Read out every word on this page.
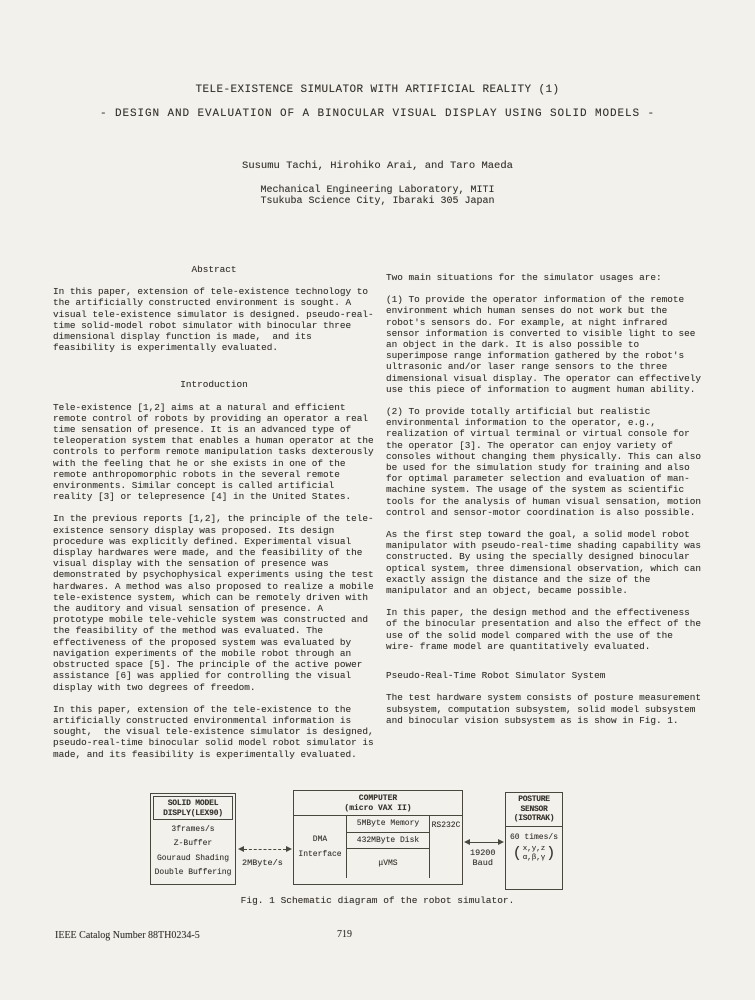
TELE-EXISTENCE SIMULATOR WITH ARTIFICIAL REALITY (1)
- DESIGN AND EVALUATION OF A BINOCULAR VISUAL DISPLAY USING SOLID MODELS -
Susumu Tachi, Hirohiko Arai, and Taro Maeda
Mechanical Engineering Laboratory, MITI
Tsukuba Science City, Ibaraki 305 Japan
Abstract
In this paper, extension of tele-existence technology to the artificially constructed environment is sought. A visual tele-existence simulator is designed. pseudo-real-time solid-model robot simulator with binocular three dimensional display function is made,  and its feasibility is experimentally evaluated.
Introduction
Tele-existence [1,2] aims at a natural and efficient remote control of robots by providing an operator a real time sensation of presence. It is an advanced type of teleoperation system that enables a human operator at the controls to perform remote manipulation tasks dexterously with the feeling that he or she exists in one of the remote anthropomorphic robots in the several remote environments. Similar concept is called artificial reality [3] or telepresence [4] in the United States.
In the previous reports [1,2], the principle of the tele-existence sensory display was proposed. Its design procedure was explicitly defined. Experimental visual display hardwares were made, and the feasibility of the visual display with the sensation of presence was demonstrated by psychophysical experiments using the test hardwares. A method was also proposed to realize a mobile tele-existence system, which can be remotely driven with the auditory and visual sensation of presence. A prototype mobile tele-vehicle system was constructed and the feasibility of the method was evaluated. The effectiveness of the proposed system was evaluated by navigation experiments of the mobile robot through an obstructed space [5]. The principle of the active power assistance [6] was applied for controlling the visual display with two degrees of freedom.
In this paper, extension of the tele-existence to the artificially constructed environmental information is sought,  the visual tele-existence simulator is designed, pseudo-real-time binocular solid model robot simulator is made, and its feasibility is experimentally evaluated.
Two main situations for the simulator usages are:
(1) To provide the operator information of the remote environment which human senses do not work but the robot's sensors do. For example, at night infrared sensor information is converted to visible light to see an object in the dark. It is also possible to superimpose range information gathered by the robot's ultrasonic and/or laser range sensors to the three dimensional visual display. The operator can effectively use this piece of information to augment human ability.
(2) To provide totally artificial but realistic environmental information to the operator, e.g., realization of virtual terminal or virtual console for the operator [3]. The operator can enjoy variety of consoles without changing them physically. This can also be used for the simulation study for training and also for optimal parameter selection and evaluation of man-machine system. The usage of the system as scientific tools for the analysis of human visual sensation, motion control and sensor-motor coordination is also possible.
As the first step toward the goal, a solid model robot manipulator with pseudo-real-time shading capability was constructed. By using the specially designed binocular optical system, three dimensional observation, which can exactly assign the distance and the size of the manipulator and an object, became possible.
In this paper, the design method and the effectiveness of the binocular presentation and also the effect of the use of the solid model compared with the use of the wire- frame model are quantitatively evaluated.
Pseudo-Real-Time Robot Simulator System
The test hardware system consists of posture measurement subsystem, computation subsystem, solid model subsystem and binocular vision subsystem as is show in Fig. 1.
SOLID MODEL
DISPLY(LEX90)
3frames/s
Z-Buffer
Gouraud Shading
Double Buffering
2MByte/s
COMPUTER
(micro VAX II)
DMA
Interface
5MByte Memory
432MByte Disk
μVMS
RS232C
19200
Baud
POSTURE
SENSOR
(ISOTRAK)
60 times/s
( x,y,z
α,β,γ )
Fig. 1 Schematic diagram of the robot simulator.
IEEE Catalog Number 88TH0234-5	719
